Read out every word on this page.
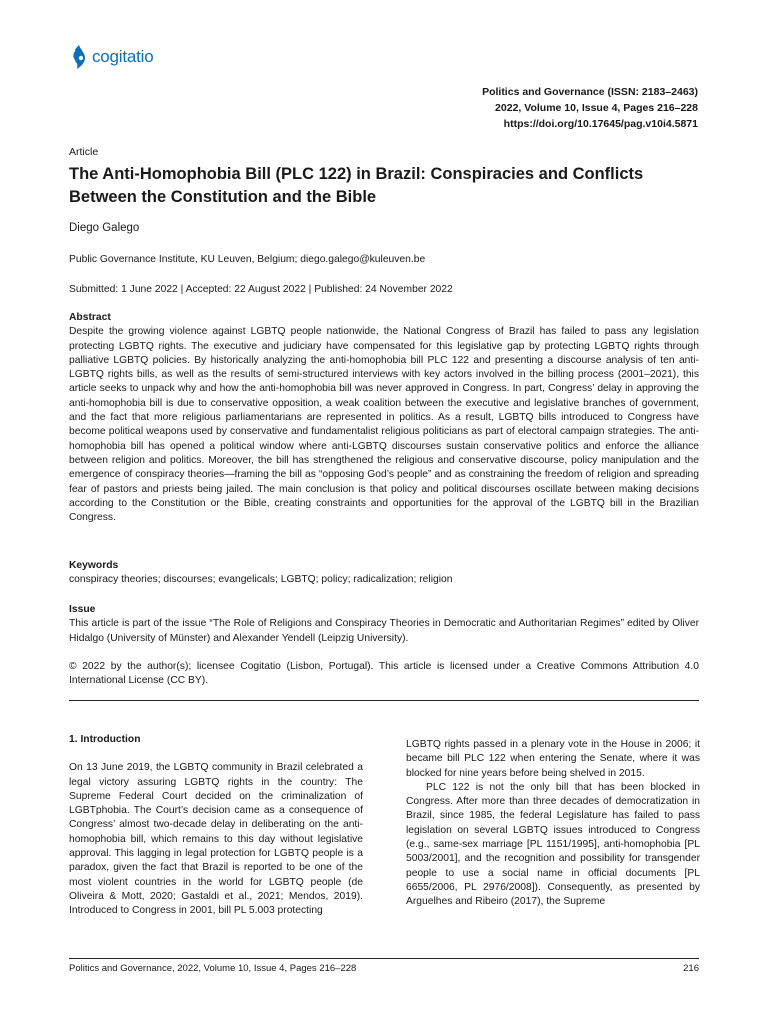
cogitatio
Politics and Governance (ISSN: 2183–2463)
2022, Volume 10, Issue 4, Pages 216–228
https://doi.org/10.17645/pag.v10i4.5871
Article
The Anti-Homophobia Bill (PLC 122) in Brazil: Conspiracies and Conflicts Between the Constitution and the Bible
Diego Galego
Public Governance Institute, KU Leuven, Belgium; diego.galego@kuleuven.be
Submitted: 1 June 2022 | Accepted: 22 August 2022 | Published: 24 November 2022
Abstract
Despite the growing violence against LGBTQ people nationwide, the National Congress of Brazil has failed to pass any legislation protecting LGBTQ rights. The executive and judiciary have compensated for this legislative gap by protecting LGBTQ rights through palliative LGBTQ policies. By historically analyzing the anti-homophobia bill PLC 122 and presenting a discourse analysis of ten anti-LGBTQ rights bills, as well as the results of semi-structured interviews with key actors involved in the billing process (2001–2021), this article seeks to unpack why and how the anti-homophobia bill was never approved in Congress. In part, Congress’ delay in approving the anti-homophobia bill is due to conservative opposition, a weak coalition between the executive and legislative branches of government, and the fact that more religious parliamentarians are represented in politics. As a result, LGBTQ bills introduced to Congress have become political weapons used by conservative and fundamentalist religious politicians as part of electoral campaign strategies. The anti-homophobia bill has opened a political window where anti-LGBTQ discourses sustain conservative politics and enforce the alliance between religion and politics. Moreover, the bill has strengthened the religious and conservative discourse, policy manipulation and the emergence of conspiracy theories—framing the bill as “opposing God’s people” and as constraining the freedom of religion and spreading fear of pastors and priests being jailed. The main conclusion is that policy and political discourses oscillate between making decisions according to the Constitution or the Bible, creating constraints and opportunities for the approval of the LGBTQ bill in the Brazilian Congress.
Keywords
conspiracy theories; discourses; evangelicals; LGBTQ; policy; radicalization; religion
Issue
This article is part of the issue “The Role of Religions and Conspiracy Theories in Democratic and Authoritarian Regimes” edited by Oliver Hidalgo (University of Münster) and Alexander Yendell (Leipzig University).
© 2022 by the author(s); licensee Cogitatio (Lisbon, Portugal). This article is licensed under a Creative Commons Attribution 4.0 International License (CC BY).
1. Introduction

On 13 June 2019, the LGBTQ community in Brazil celebrated a legal victory assuring LGBTQ rights in the country: The Supreme Federal Court decided on the criminalization of LGBTphobia. The Court’s decision came as a consequence of Congress’ almost two-decade delay in deliberating on the anti-homophobia bill, which remains to this day without legislative approval. This lagging in legal protection for LGBTQ people is a paradox, given the fact that Brazil is reported to be one of the most violent countries in the world for LGBTQ people (de Oliveira & Mott, 2020; Gastaldi et al., 2021; Mendos, 2019). Introduced to Congress in 2001, bill PL 5.003 protecting

LGBTQ rights passed in a plenary vote in the House in 2006; it became bill PLC 122 when entering the Senate, where it was blocked for nine years before being shelved in 2015.

PLC 122 is not the only bill that has been blocked in Congress. After more than three decades of democratization in Brazil, since 1985, the federal Legislature has failed to pass legislation on several LGBTQ issues introduced to Congress (e.g., same-sex marriage [PL 1151/1995], anti-homophobia [PL 5003/2001], and the recognition and possibility for transgender people to use a social name in official documents [PL 6655/2006, PL 2976/2008]). Consequently, as presented by Arguelhes and Ribeiro (2017), the Supreme

Politics and Governance, 2022, Volume 10, Issue 4, Pages 216–228	216
